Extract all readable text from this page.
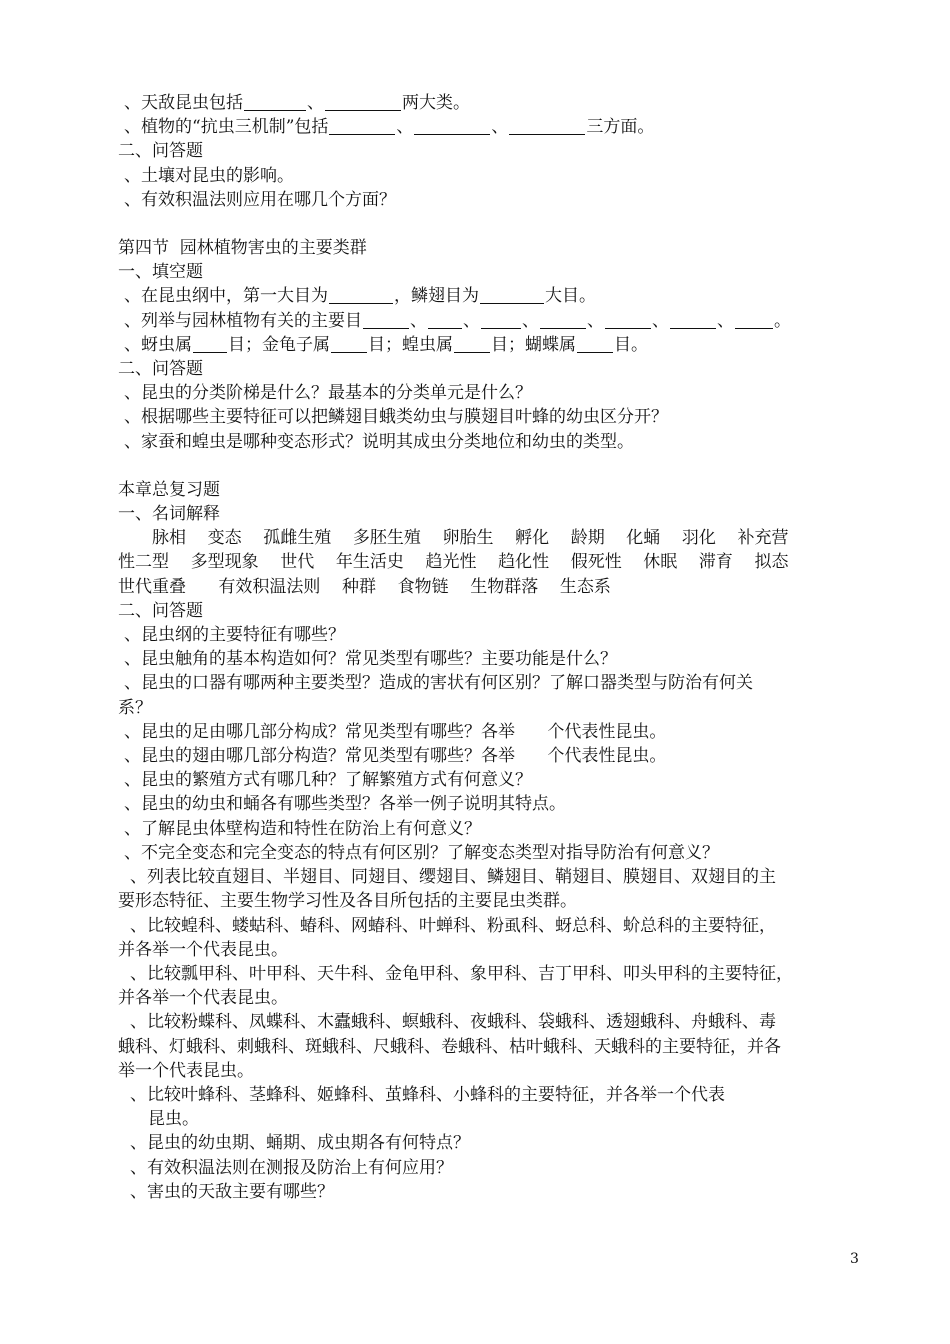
、天敌昆虫包括	、	两大类。
、植物的“抗虫三机制”包括	、	、	三方面。
二、问答题
、土壤对昆虫的影响。
、有效积温法则应用在哪几个方面？
第四节  园林植物害虫的主要类群
一、填空题
、在昆虫纲中，第一大目为	，鳞翅目为	大目。
、列举与园林植物有关的主要目	、 、 、	、	、	、 。
、蚜虫属 目；金龟子属 目；蝗虫属 目；蝴蝶属 目。
二、问答题
、昆虫的分类阶梯是什么？最基本的分类单元是什么？
、根据哪些主要特征可以把鳞翅目蛾类幼虫与膜翅目叶蜂的幼虫区分开？
、家蚕和蝗虫是哪种变态形式？说明其成虫分类地位和幼虫的类型。
本章总复习题
一、名词解释
脉相    变态    孤雌生殖    多胚生殖    卵胎生    孵化    龄期    化蛹    羽化    补充营
性二型    多型现象    世代    年生活史    趋光性    趋化性    假死性    休眠    滞育    拟态
世代重叠      有效积温法则    种群    食物链    生物群落    生态系
二、问答题
、昆虫纲的主要特征有哪些？
、昆虫触角的基本构造如何？常见类型有哪些？主要功能是什么？
、昆虫的口器有哪两种主要类型？造成的害状有何区别？了解口器类型与防治有何关
系？
、昆虫的足由哪几部分构成？常见类型有哪些？各举      个代表性昆虫。
、昆虫的翅由哪几部分构造？常见类型有哪些？各举      个代表性昆虫。
、昆虫的繁殖方式有哪几种？了解繁殖方式有何意义？
、昆虫的幼虫和蛹各有哪些类型？各举一例子说明其特点。
、了解昆虫体壁构造和特性在防治上有何意义？
、不完全变态和完全变态的特点有何区别？了解变态类型对指导防治有何意义？
、列表比较直翅目、半翅目、同翅目、缨翅目、鳞翅目、鞘翅目、膜翅目、双翅目的主
要形态特征、主要生物学习性及各目所包括的主要昆虫类群。
、比较蝗科、蝼蛄科、蝽科、网蝽科、叶蝉科、粉虱科、蚜总科、蚧总科的主要特征，
并各举一个代表昆虫。
、比较瓢甲科、叶甲科、天牛科、金龟甲科、象甲科、吉丁甲科、叩头甲科的主要特征，
并各举一个代表昆虫。
、比较粉蝶科、凤蝶科、木蠹蛾科、螟蛾科、夜蛾科、袋蛾科、透翅蛾科、舟蛾科、毒
蛾科、灯蛾科、刺蛾科、斑蛾科、尺蛾科、卷蛾科、枯叶蛾科、天蛾科的主要特征，并各
举一个代表昆虫。
、比较叶蜂科、茎蜂科、姬蜂科、茧蜂科、小蜂科的主要特征，并各举一个代表
昆虫。
、昆虫的幼虫期、蛹期、成虫期各有何特点？
、有效积温法则在测报及防治上有何应用？
、害虫的天敌主要有哪些？
3
